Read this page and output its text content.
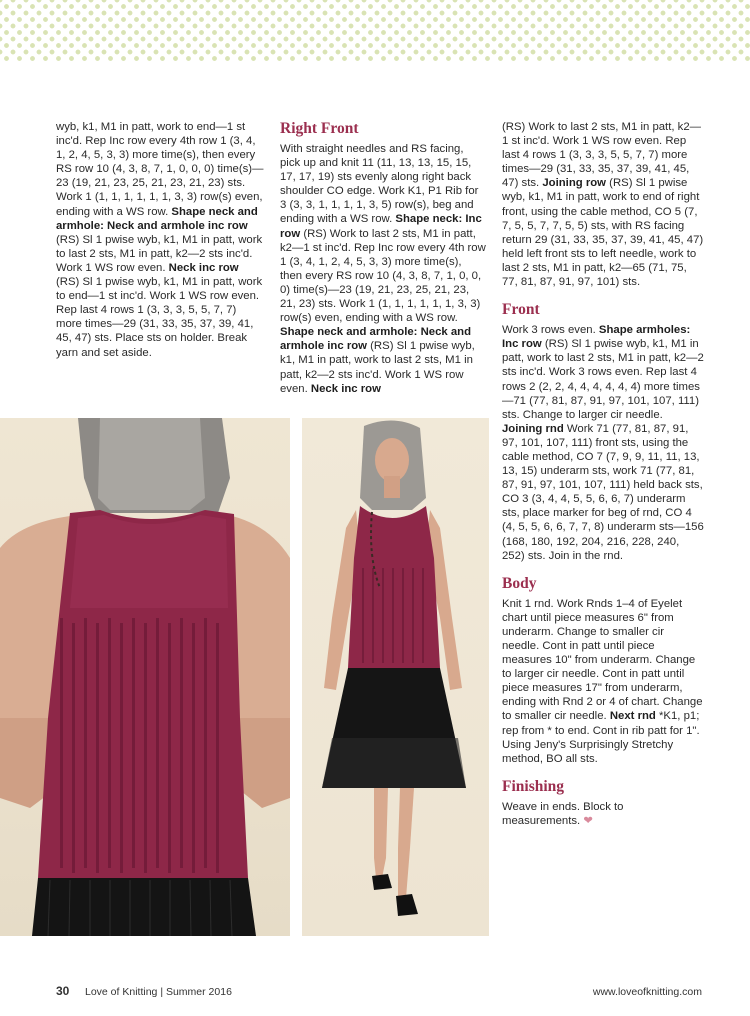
wyb, k1, M1 in patt, work to end—1 st inc'd. Rep Inc row every 4th row 1 (3, 4, 1, 2, 4, 5, 3, 3) more time(s), then every RS row 10 (4, 3, 8, 7, 1, 0, 0, 0) time(s)—23 (19, 21, 23, 25, 21, 23, 21, 23) sts. Work 1 (1, 1, 1, 1, 1, 1, 3, 3) row(s) even, ending with a WS row. Shape neck and armhole: Neck and armhole inc row (RS) Sl 1 pwise wyb, k1, M1 in patt, work to last 2 sts, M1 in patt, k2—2 sts inc'd. Work 1 WS row even. Neck inc row (RS) Sl 1 pwise wyb, k1, M1 in patt, work to end—1 st inc'd. Work 1 WS row even. Rep last 4 rows 1 (3, 3, 3, 5, 5, 7, 7) more times—29 (31, 33, 35, 37, 39, 41, 45, 47) sts. Place sts on holder. Break yarn and set aside.

Right Front

With straight needles and RS facing, pick up and knit 11 (11, 13, 13, 15, 15, 17, 17, 19) sts evenly along right back shoulder CO edge. Work K1, P1 Rib for 3 (3, 3, 1, 1, 1, 1, 3, 5) row(s), beg and ending with a WS row. Shape neck: Inc row (RS) Work to last 2 sts, M1 in patt, k2—1 st inc'd. Rep Inc row every 4th row 1 (3, 4, 1, 2, 4, 5, 3, 3) more time(s), then every RS row 10 (4, 3, 8, 7, 1, 0, 0, 0) time(s)—23 (19, 21, 23, 25, 21, 23, 21, 23) sts. Work 1 (1, 1, 1, 1, 1, 1, 3, 3) row(s) even, ending with a WS row. Shape neck and armhole: Neck and armhole inc row (RS) Sl 1 pwise wyb, k1, M1 in patt, work to last 2 sts, M1 in patt, k2—2 sts inc'd. Work 1 WS row even. Neck inc row

(RS) Work to last 2 sts, M1 in patt, k2—1 st inc'd. Work 1 WS row even. Rep last 4 rows 1 (3, 3, 3, 5, 5, 7, 7) more times—29 (31, 33, 35, 37, 39, 41, 45, 47) sts. Joining row (RS) Sl 1 pwise wyb, k1, M1 in patt, work to end of right front, using the cable method, CO 5 (7, 7, 5, 5, 7, 7, 5, 5) sts, with RS facing return 29 (31, 33, 35, 37, 39, 41, 45, 47) held left front sts to left needle, work to last 2 sts, M1 in patt, k2—65 (71, 75, 77, 81, 87, 91, 97, 101) sts.

Front

Work 3 rows even. Shape armholes: Inc row (RS) Sl 1 pwise wyb, k1, M1 in patt, work to last 2 sts, M1 in patt, k2—2 sts inc'd. Work 3 rows even. Rep last 4 rows 2 (2, 2, 4, 4, 4, 4, 4, 4) more times—71 (77, 81, 87, 91, 97, 101, 107, 111) sts. Change to larger cir needle. Joining rnd Work 71 (77, 81, 87, 91, 97, 101, 107, 111) front sts, using the cable method, CO 7 (7, 9, 9, 11, 11, 13, 13, 15) underarm sts, work 71 (77, 81, 87, 91, 97, 101, 107, 111) held back sts, CO 3 (3, 4, 4, 5, 5, 6, 6, 7) underarm sts, place marker for beg of rnd, CO 4 (4, 5, 5, 6, 6, 7, 7, 8) underarm sts—156 (168, 180, 192, 204, 216, 228, 240, 252) sts. Join in the rnd.

Body

Knit 1 rnd. Work Rnds 1–4 of Eyelet chart until piece measures 6" from underarm. Change to smaller cir needle. Cont in patt until piece measures 10" from underarm. Change to larger cir needle. Cont in patt until piece measures 17" from underarm, ending with Rnd 2 or 4 of chart. Change to smaller cir needle. Next rnd *K1, p1; rep from * to end. Cont in rib patt for 1". Using Jeny's Surprisingly Stretchy method, BO all sts.

Finishing

Weave in ends. Block to measurements. ❤

30 Love of Knitting | Summer 2016	www.loveofknitting.com
